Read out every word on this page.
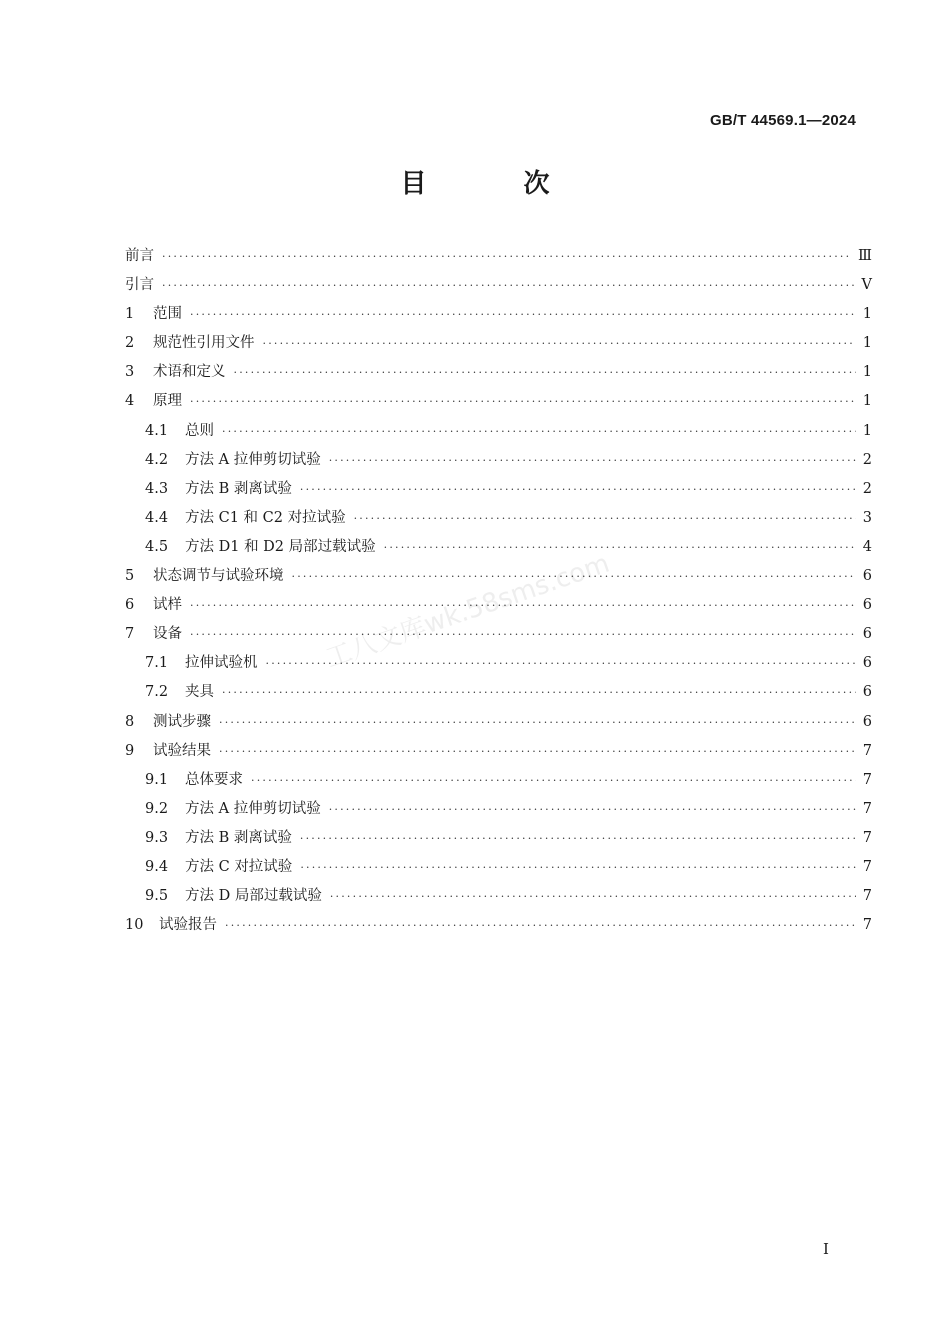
GB/T 44569.1—2024
目 次
工八文库wk.58sms.com
前言 ·····	Ⅲ
引言 ·····	Ⅴ
1	范围 ·····	1
2	规范性引用文件 ·····	1
3	术语和定义 ·····	1
4	原理 ·····	1
4.1	总则 ·····	1
4.2	方法 A 拉伸剪切试验 ·····	2
4.3	方法 B 剥离试验 ·····	2
4.4	方法 C1 和 C2 对拉试验 ·····	3
4.5	方法 D1 和 D2 局部过载试验 ·····	4
5	状态调节与试验环境 ·····	6
6	试样 ·····	6
7	设备 ·····	6
7.1	拉伸试验机 ·····	6
7.2	夹具 ·····	6
8	测试步骤 ·····	6
9	试验结果 ·····	7
9.1	总体要求 ·····	7
9.2	方法 A 拉伸剪切试验 ·····	7
9.3	方法 B 剥离试验 ·····	7
9.4	方法 C 对拉试验 ·····	7
9.5	方法 D 局部过载试验 ·····	7
10	试验报告 ·····	7
I
